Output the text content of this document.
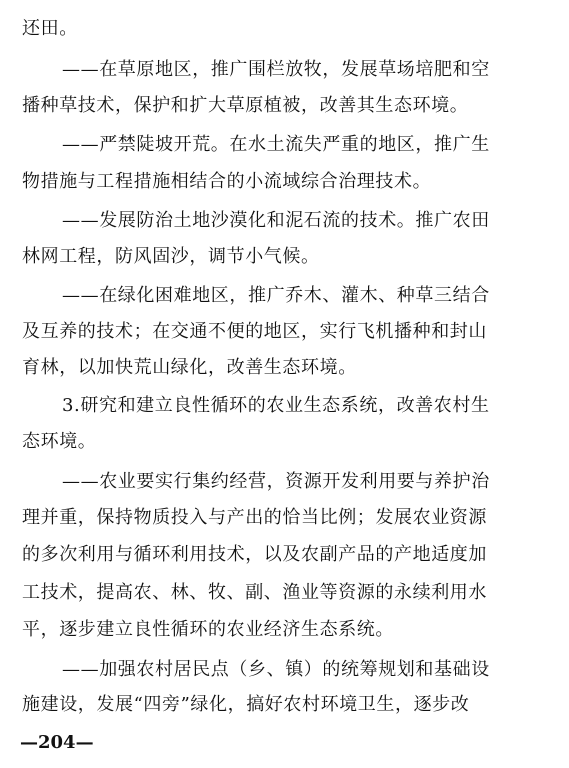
还田。
——在草原地区，推广围栏放牧，发展草场培肥和空
播种草技术，保护和扩大草原植被，改善其生态环境。
——严禁陡坡开荒。在水土流失严重的地区，推广生
物措施与工程措施相结合的小流域综合治理技术。
——发展防治土地沙漠化和泥石流的技术。推广农田
林网工程，防风固沙，调节小气候。
——在绿化困难地区，推广乔木、灌木、种草三结合
及互养的技术；在交通不便的地区，实行飞机播种和封山
育林，以加快荒山绿化，改善生态环境。
3.研究和建立良性循环的农业生态系统，改善农村生
态环境。
——农业要实行集约经营，资源开发利用要与养护治
理并重，保持物质投入与产出的恰当比例；发展农业资源
的多次利用与循环利用技术，以及农副产品的产地适度加
工技术，提高农、林、牧、副、渔业等资源的永续利用水
平，逐步建立良性循环的农业经济生态系统。
——加强农村居民点（乡、镇）的统筹规划和基础设
施建设，发展“四旁”绿化，搞好农村环境卫生，逐步改
—204—
